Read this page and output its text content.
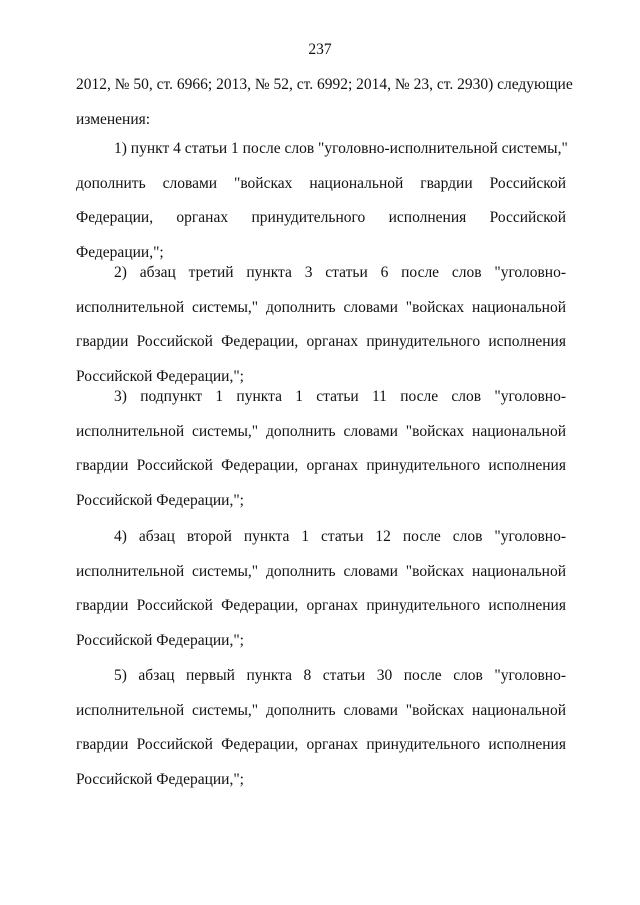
237
2012, № 50, ст. 6966; 2013, № 52, ст. 6992; 2014, № 23, ст. 2930) следующие
изменения:
1) пункт 4 статьи 1 после слов "уголовно-исполнительной системы,"
дополнить словами "войсках национальной гвардии Российской
Федерации, органах принудительного исполнения Российской
Федерации,";
2) абзац третий пункта 3 статьи 6 после слов "уголовно-
исполнительной системы," дополнить словами "войсках национальной
гвардии Российской Федерации, органах принудительного исполнения
Российской Федерации,";
3) подпункт 1 пункта 1 статьи 11 после слов "уголовно-
исполнительной системы," дополнить словами "войсках национальной
гвардии Российской Федерации, органах принудительного исполнения
Российской Федерации,";
4) абзац второй пункта 1 статьи 12 после слов "уголовно-
исполнительной системы," дополнить словами "войсках национальной
гвардии Российской Федерации, органах принудительного исполнения
Российской Федерации,";
5) абзац первый пункта 8 статьи 30 после слов "уголовно-
исполнительной системы," дополнить словами "войсках национальной
гвардии Российской Федерации, органах принудительного исполнения
Российской Федерации,";
